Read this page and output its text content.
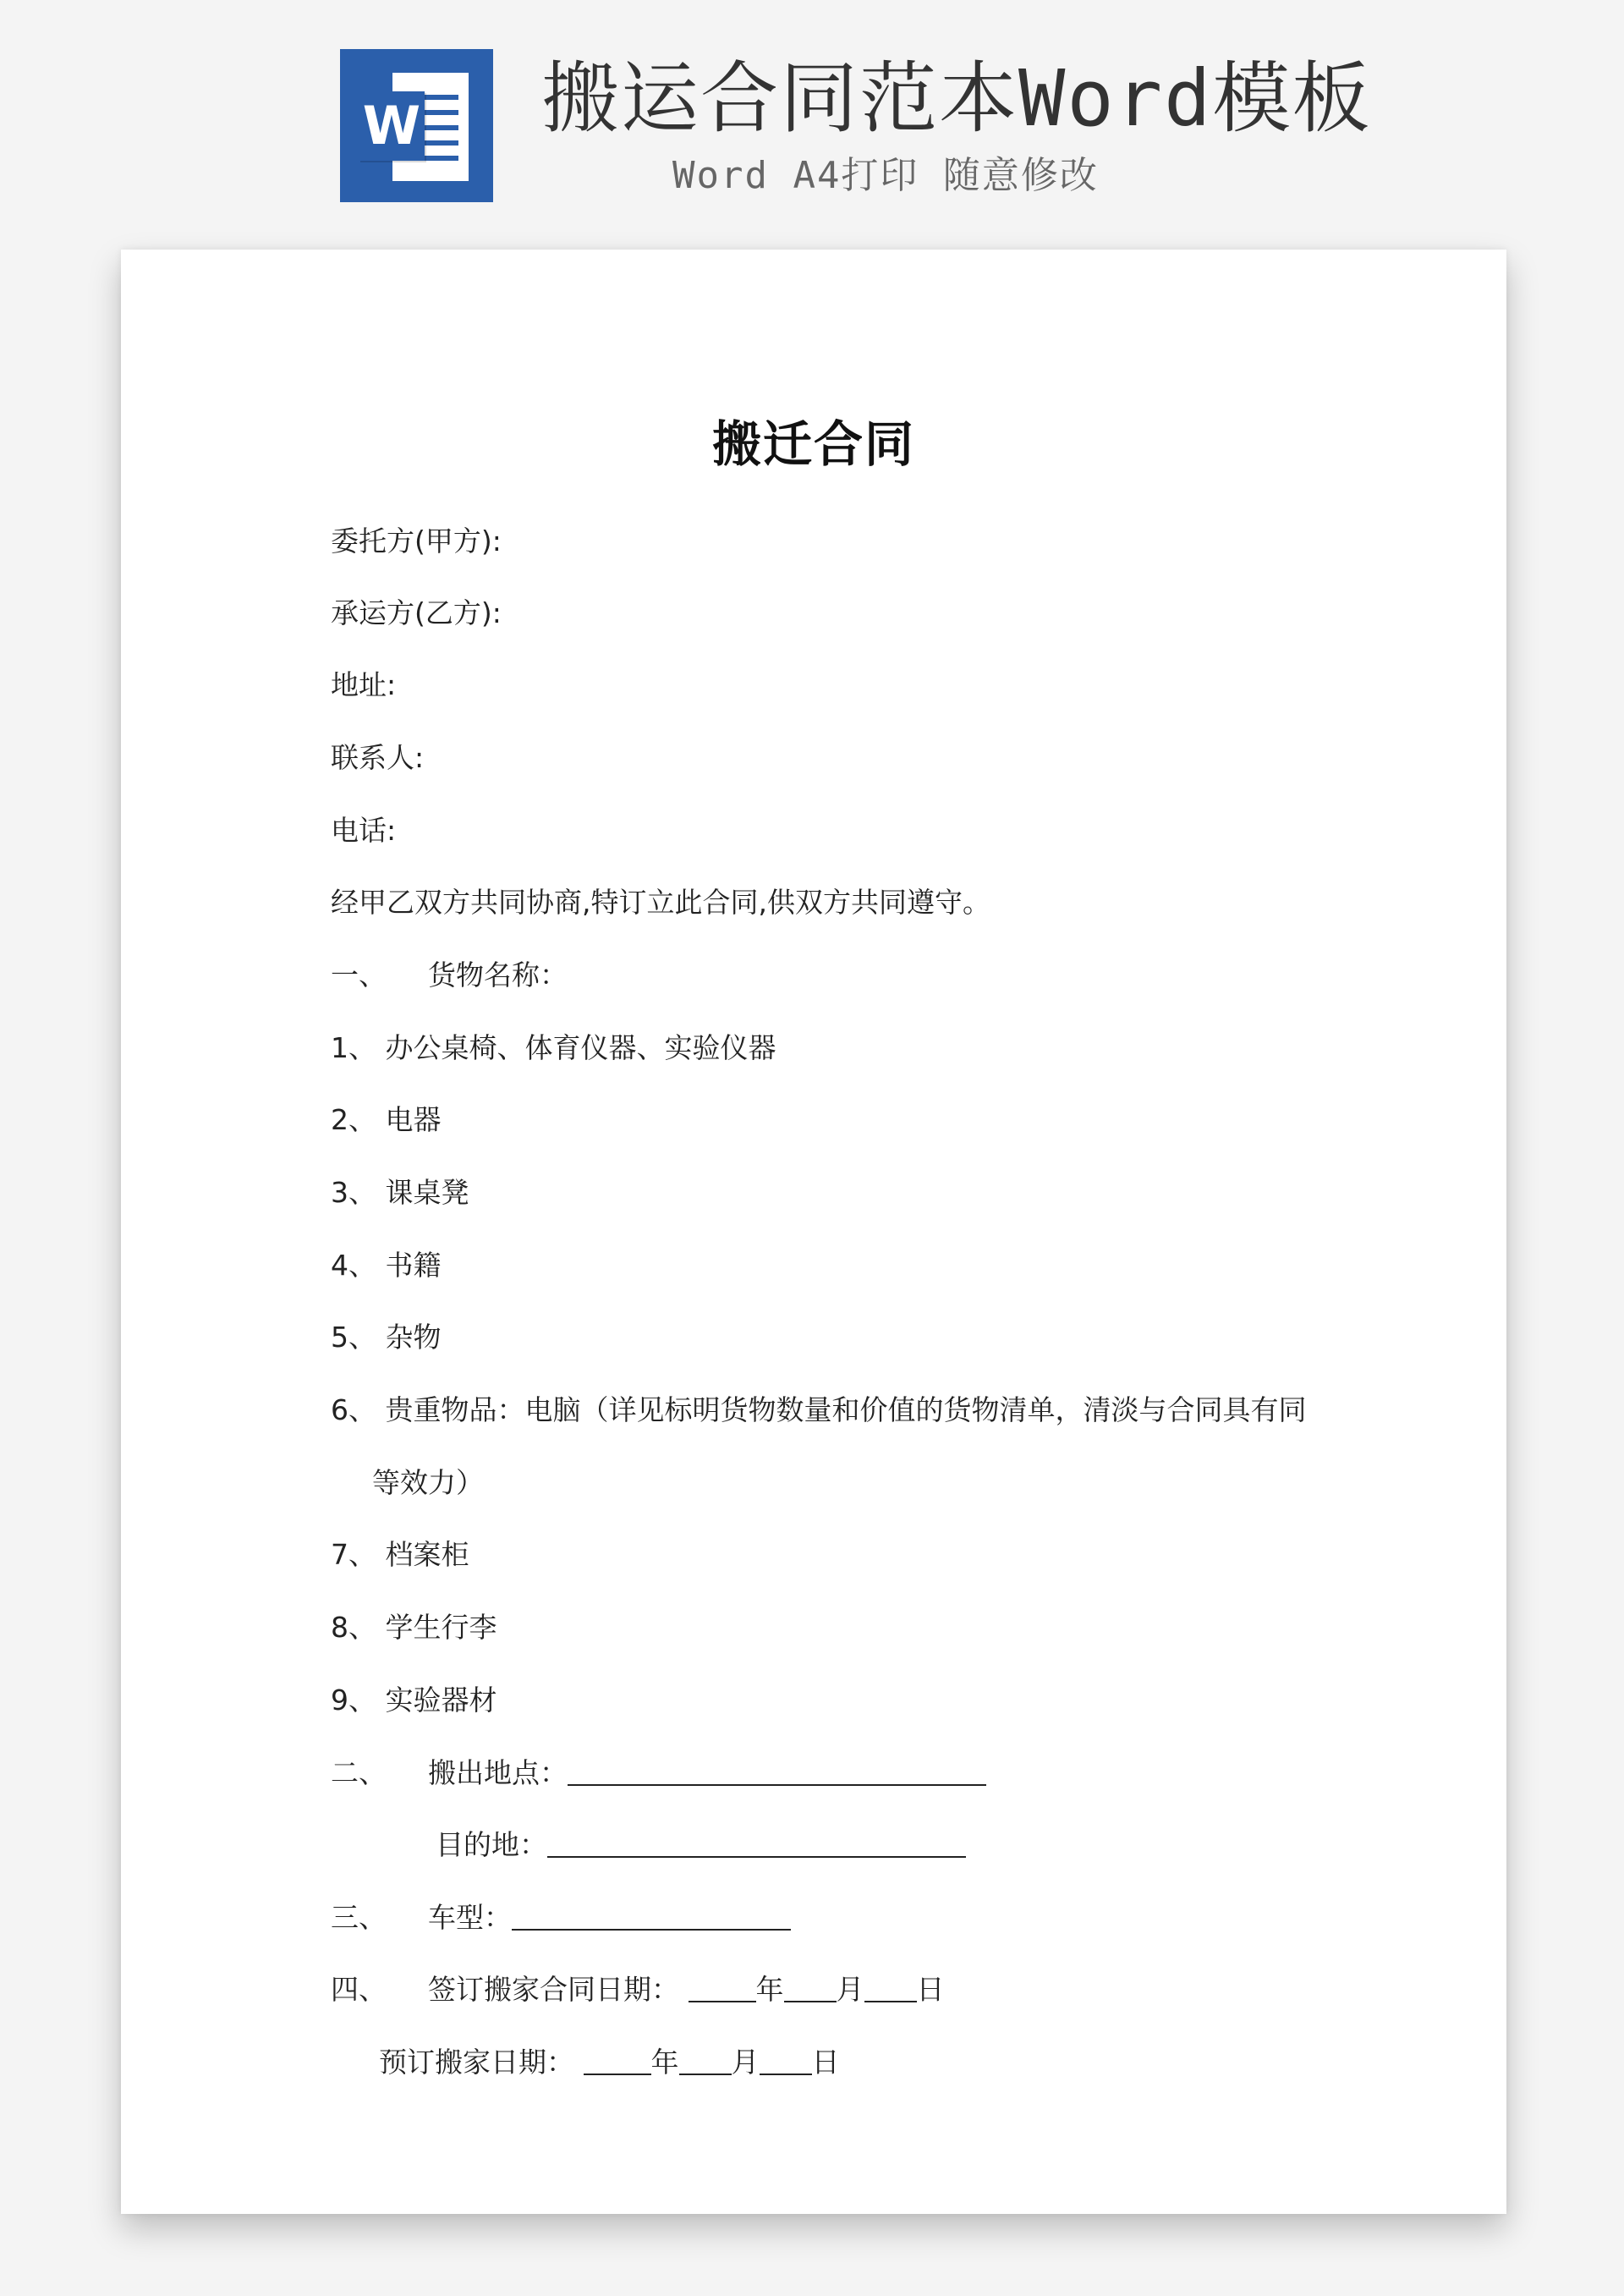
W 搬运合同范本Word模板
Word A4打印 随意修改
搬迁合同
委托方(甲方):
承运方(乙方):
地址:
联系人:
电话:
经甲乙双方共同协商,特订立此合同,供双方共同遵守。
一、 货物名称：
1、 办公桌椅、体育仪器、实验仪器
2、 电器
3、 课桌凳
4、 书籍
5、 杂物
6、 贵重物品：电脑（详见标明货物数量和价值的货物清单，清淡与合同具有同
等效力）
7、 档案柜
8、 学生行李
9、 实验器材
二、 搬出地点：
目的地：
三、 车型：
四、 签订搬家合同日期：	年 月 日
预订搬家日期：	年 月 日
